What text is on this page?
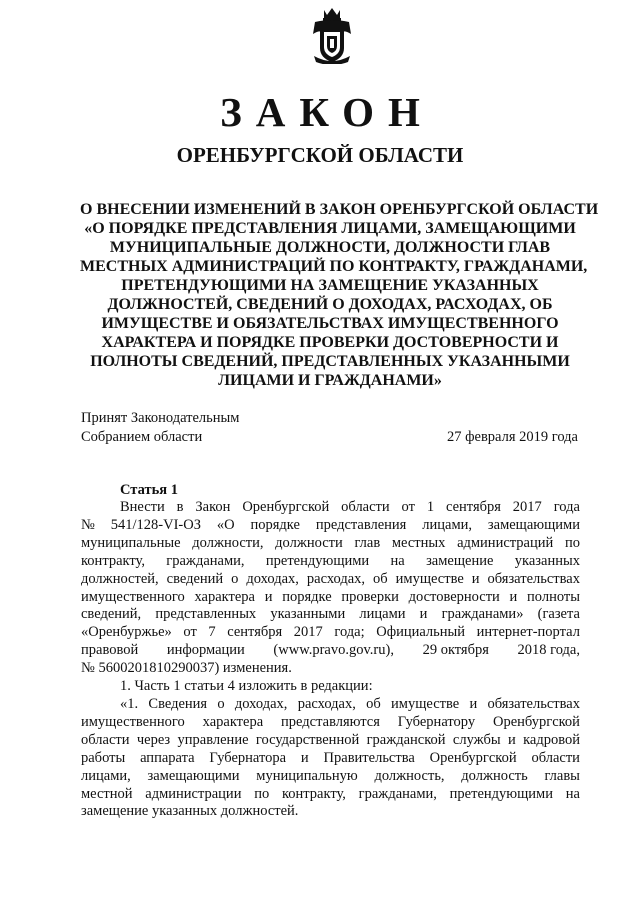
ЗАКОН
ОРЕНБУРГСКОЙ ОБЛАСТИ
О ВНЕСЕНИИ ИЗМЕНЕНИЙ В ЗАКОН ОРЕНБУРГСКОЙ ОБЛАСТИ
«О ПОРЯДКЕ ПРЕДСТАВЛЕНИЯ ЛИЦАМИ, ЗАМЕЩАЮЩИМИ
МУНИЦИПАЛЬНЫЕ ДОЛЖНОСТИ, ДОЛЖНОСТИ ГЛАВ
МЕСТНЫХ АДМИНИСТРАЦИЙ ПО КОНТРАКТУ, ГРАЖДАНАМИ,
ПРЕТЕНДУЮЩИМИ НА ЗАМЕЩЕНИЕ УКАЗАННЫХ
ДОЛЖНОСТЕЙ, СВЕДЕНИЙ О ДОХОДАХ, РАСХОДАХ, ОБ
ИМУЩЕСТВЕ И ОБЯЗАТЕЛЬСТВАХ ИМУЩЕСТВЕННОГО
ХАРАКТЕРА И ПОРЯДКЕ ПРОВЕРКИ ДОСТОВЕРНОСТИ И
ПОЛНОТЫ СВЕДЕНИЙ, ПРЕДСТАВЛЕННЫХ УКАЗАННЫМИ
ЛИЦАМИ И ГРАЖДАНАМИ»
Принят Законодательным
Собранием области	27 февраля 2019 года
Статья 1
Внести в Закон Оренбургской области от 1 сентября 2017 года
№ 541/128-VI-ОЗ «О порядке представления лицами, замещающими
муниципальные должности, должности глав местных администраций по
контракту, гражданами, претендующими на замещение указанных
должностей, сведений о доходах, расходах, об имуществе и обязательствах
имущественного характера и порядке проверки достоверности и полноты
сведений, представленных указанными лицами и гражданами» (газета
«Оренбуржье» от 7 сентября 2017 года; Официальный интернет-портал
правовой информации (www.pravo.gov.ru), 29 октября 2018 года,
№ 5600201810290037) изменения.
1. Часть 1 статьи 4 изложить в редакции:
«1. Сведения о доходах, расходах, об имуществе и обязательствах
имущественного характера представляются Губернатору Оренбургской
области через управление государственной гражданской службы и кадровой
работы аппарата Губернатора и Правительства Оренбургской области
лицами, замещающими муниципальную должность, должность главы
местной администрации по контракту, гражданами, претендующими на
замещение указанных должностей.
